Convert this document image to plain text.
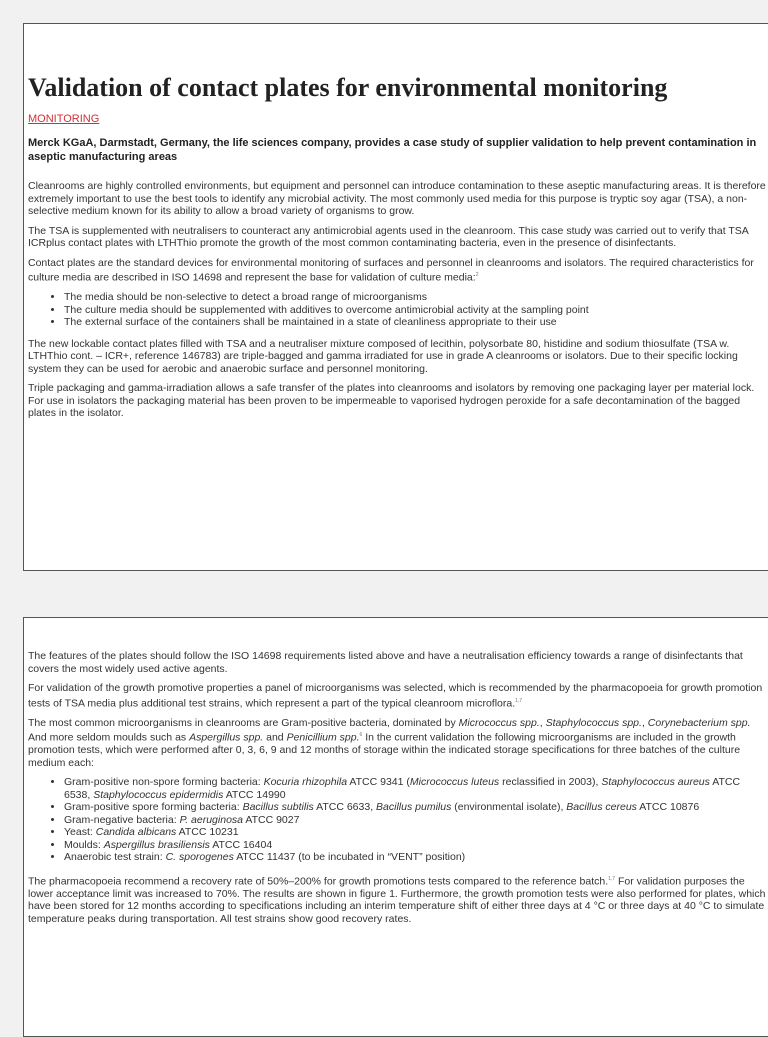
Validation of contact plates for environmental monitoring
MONITORING
Merck KGaA, Darmstadt, Germany, the life sciences company, provides a case study of supplier validation to help prevent contamination in aseptic manufacturing areas

Cleanrooms are highly controlled environments, but equipment and personnel can introduce contamination to these aseptic manufacturing areas. It is therefore extremely important to use the best tools to identify any microbial activity. The most commonly used media for this purpose is tryptic soy agar (TSA), a non-selective medium known for its ability to allow a broad variety of organisms to grow.

The TSA is supplemented with neutralisers to counteract any antimicrobial agents used in the cleanroom. This case study was carried out to verify that TSA ICRplus contact plates with LTHThio promote the growth of the most common contaminating bacteria, even in the presence of disinfectants.

Contact plates are the standard devices for environmental monitoring of surfaces and personnel in cleanrooms and isolators. The required characteristics for culture media are described in ISO 14698 and represent the base for validation of culture media:$^2$

• The media should be non-selective to detect a broad range of microorganisms
• The culture media should be supplemented with additives to overcome antimicrobial activity at the sampling point
• The external surface of the containers shall be maintained in a state of cleanliness appropriate to their use

The new lockable contact plates filled with TSA and a neutraliser mixture composed of lecithin, polysorbate 80, histidine and sodium thiosulfate (TSA w. LTHThio cont. – ICR+, reference 146783) are triple-bagged and gamma irradiated for use in grade A cleanrooms or isolators. Due to their specific locking system they can be used for aerobic and anaerobic surface and personnel monitoring.

Triple packaging and gamma-irradiation allows a safe transfer of the plates into cleanrooms and isolators by removing one packaging layer per material lock. For use in isolators the packaging material has been proven to be impermeable to vaporised hydrogen peroxide for a safe decontamination of the bagged plates in the isolator.

The features of the plates should follow the ISO 14698 requirements listed above and have a neutralisation efficiency towards a range of disinfectants that covers the most widely used active agents.

For validation of the growth promotive properties a panel of microorganisms was selected, which is recommended by the pharmacopoeia for growth promotion tests of TSA media plus additional test strains, which represent a part of the typical cleanroom microflora.$^{1,7}$

The most common microorganisms in cleanrooms are Gram-positive bacteria, dominated by Micrococcus spp., Staphylococcus spp., Corynebacterium spp. And more seldom moulds such as Aspergillus spp. and Penicillium spp.$^6$ In the current validation the following microorganisms are included in the growth promotion tests, which were performed after 0, 3, 6, 9 and 12 months of storage within the indicated storage specifications for three batches of the culture medium each:

• Gram-positive non-spore forming bacteria: Kocuria rhizophila ATCC 9341 (Micrococcus luteus reclassified in 2003), Staphylococcus aureus ATCC 6538, Staphylococcus epidermidis ATCC 14990
• Gram-positive spore forming bacteria: Bacillus subtilis ATCC 6633, Bacillus pumilus (environmental isolate), Bacillus cereus ATCC 10876
• Gram-negative bacteria: P. aeruginosa ATCC 9027
• Yeast: Candida albicans ATCC 10231
• Moulds: Aspergillus brasiliensis ATCC 16404
• Anaerobic test strain: C. sporogenes ATCC 11437 (to be incubated in “VENT” position)

The pharmacopoeia recommend a recovery rate of 50%–200% for growth promotions tests compared to the reference batch.$^{1,7}$ For validation purposes the lower acceptance limit was increased to 70%. The results are shown in figure 1. Furthermore, the growth promotion tests were also performed for plates, which have been stored for 12 months according to specifications including an interim temperature shift of either three days at 4 °C or three days at 40 °C to simulate temperature peaks during transportation. All test strains show good recovery rates.
